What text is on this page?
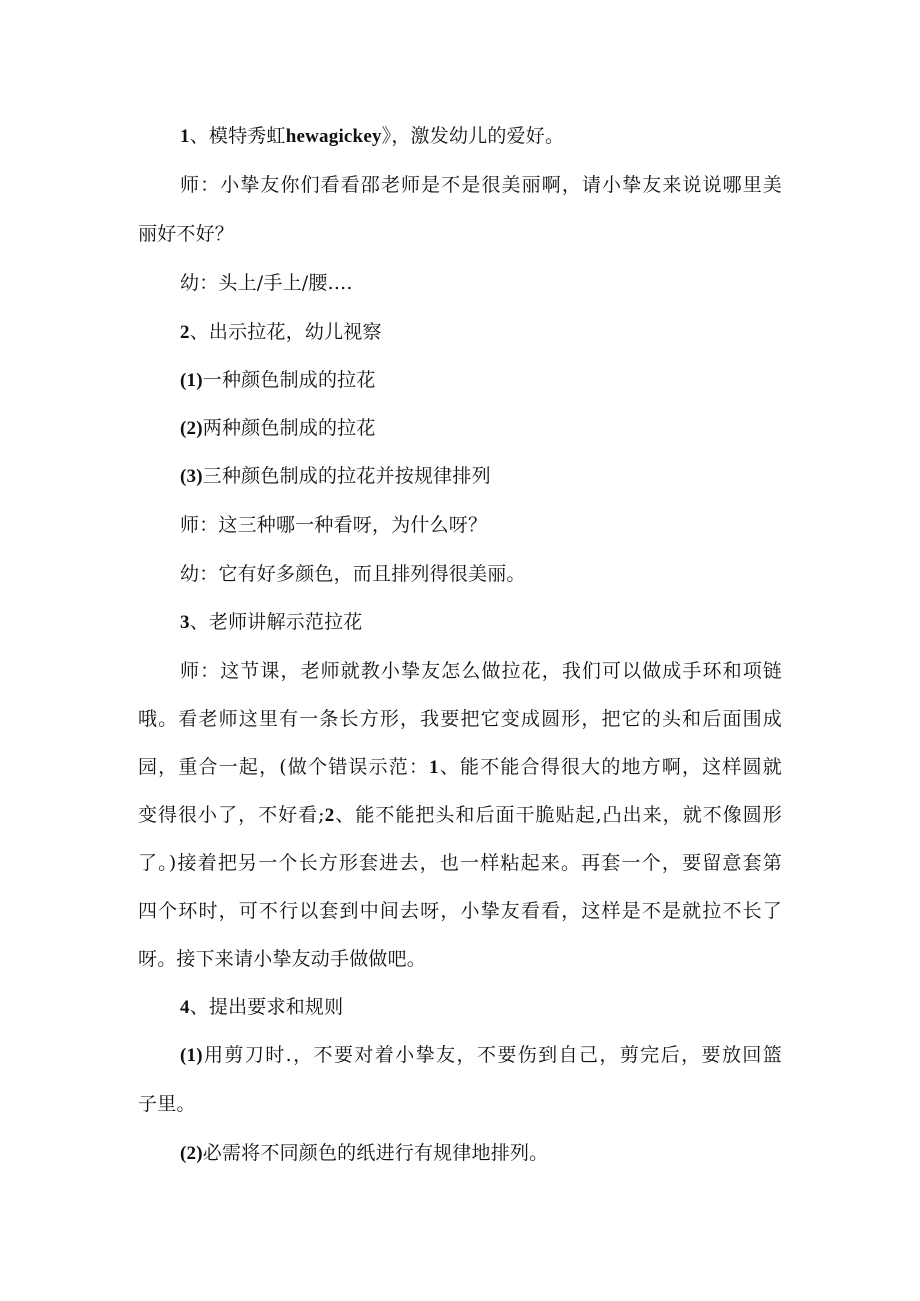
1、模特秀虹hewagickey》，激发幼儿的爱好。
师：小挚友你们看看邵老师是不是很美丽啊，请小挚友来说说哪里美
丽好不好？
幼：头上/手上/腰....
2、出示拉花，幼儿视察
(1)一种颜色制成的拉花
(2)两种颜色制成的拉花
(3)三种颜色制成的拉花并按规律排列
师：这三种哪一种看呀，为什么呀？
幼：它有好多颜色，而且排列得很美丽。
3、老师讲解示范拉花
师：这节课，老师就教小挚友怎么做拉花，我们可以做成手环和项链
哦。看老师这里有一条长方形，我要把它变成圆形，把它的头和后面围成
园，重合一起，(做个错误示范：1、能不能合得很大的地方啊，这样圆就
变得很小了，不好看;2、能不能把头和后面干脆贴起,凸出来，就不像圆形
了。)接着把另一个长方形套进去，也一样粘起来。再套一个，要留意套第
四个环时，可不行以套到中间去呀，小挚友看看，这样是不是就拉不长了
呀。接下来请小挚友动手做做吧。
4、提出要求和规则
(1)用剪刀时.，不要对着小挚友，不要伤到自己，剪完后，要放回篮
子里。
(2)必需将不同颜色的纸进行有规律地排列。
